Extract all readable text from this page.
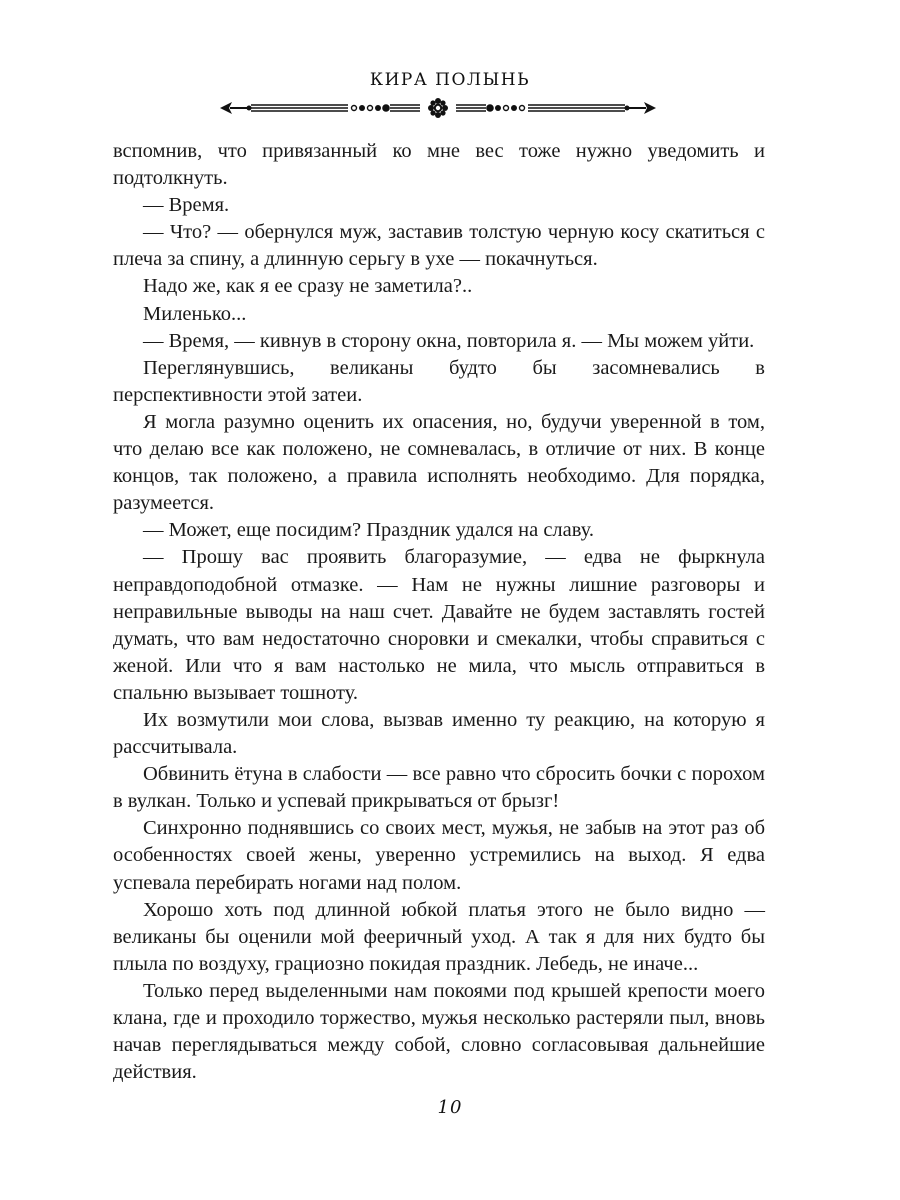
КИРА ПОЛЫНЬ

вспомнив, что привязанный ко мне вес тоже нужно уведомить и подтолкнуть.

— Время.

— Что? — обернулся муж, заставив толстую черную косу скатиться с плеча за спину, а длинную серьгу в ухе — покачнуться.

Надо же, как я ее сразу не заметила?..

Миленько...

— Время, — кивнув в сторону окна, повторила я. — Мы можем уйти.

Переглянувшись, великаны будто бы засомневались в перспективности этой затеи.

Я могла разумно оценить их опасения, но, будучи уверенной в том, что делаю все как положено, не сомневалась, в отличие от них. В конце концов, так положено, а правила исполнять необходимо. Для порядка, разумеется.

— Может, еще посидим? Праздник удался на славу.

— Прошу вас проявить благоразумие, — едва не фыркнула неправдоподобной отмазке. — Нам не нужны лишние разговоры и неправильные выводы на наш счет. Давайте не будем заставлять гостей думать, что вам недостаточно сноровки и смекалки, чтобы справиться с женой. Или что я вам настолько не мила, что мысль отправиться в спальню вызывает тошноту.

Их возмутили мои слова, вызвав именно ту реакцию, на которую я рассчитывала.

Обвинить ётуна в слабости — все равно что сбросить бочки с порохом в вулкан. Только и успевай прикрываться от брызг!

Синхронно поднявшись со своих мест, мужья, не забыв на этот раз об особенностях своей жены, уверенно устремились на выход. Я едва успевала перебирать ногами над полом.

Хорошо хоть под длинной юбкой платья этого не было видно — великаны бы оценили мой фееричный уход. А так я для них будто бы плыла по воздуху, грациозно покидая праздник. Лебедь, не иначе...

Только перед выделенными нам покоями под крышей крепости моего клана, где и проходило торжество, мужья несколько растеряли пыл, вновь начав переглядываться между собой, словно согласовывая дальнейшие действия.

10
